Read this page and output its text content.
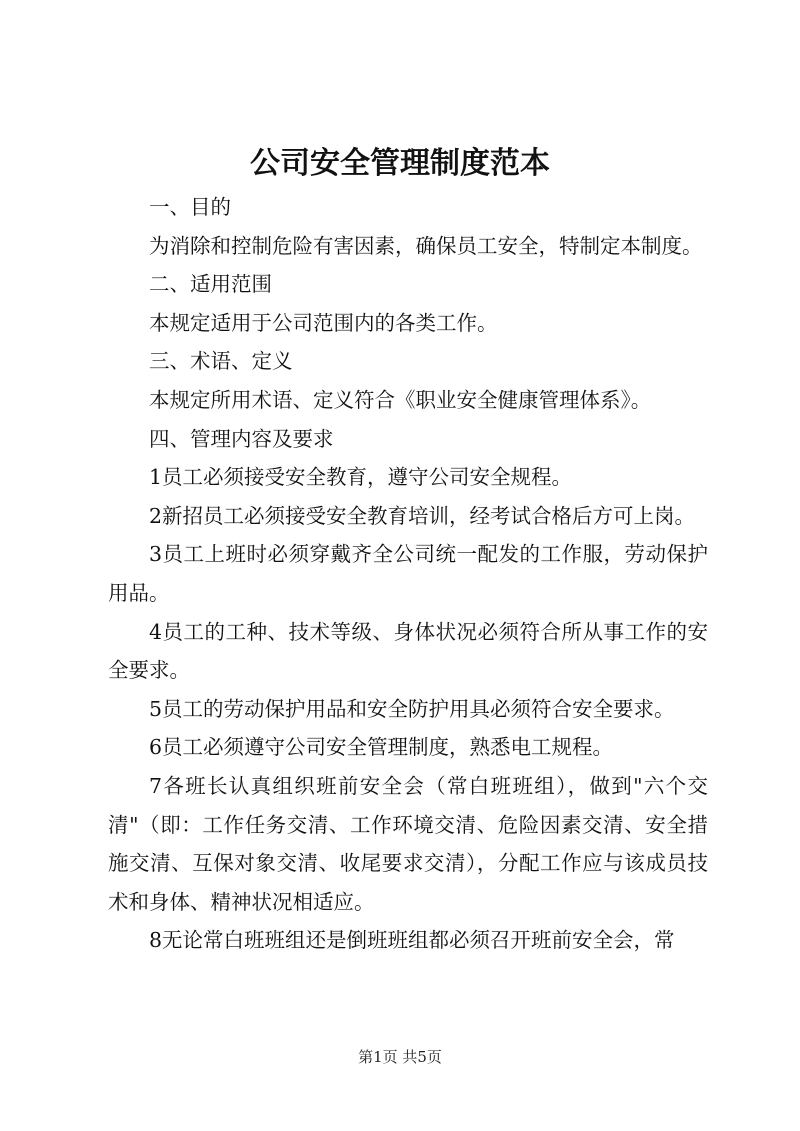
公司安全管理制度范本

一、目的

为消除和控制危险有害因素，确保员工安全，特制定本制度。

二、适用范围

本规定适用于公司范围内的各类工作。

三、术语、定义

本规定所用术语、定义符合《职业安全健康管理体系》。

四、管理内容及要求

1员工必须接受安全教育，遵守公司安全规程。

2新招员工必须接受安全教育培训，经考试合格后方可上岗。

3员工上班时必须穿戴齐全公司统一配发的工作服，劳动保护用品。

4员工的工种、技术等级、身体状况必须符合所从事工作的安全要求。

5员工的劳动保护用品和安全防护用具必须符合安全要求。

6员工必须遵守公司安全管理制度，熟悉电工规程。

7各班长认真组织班前安全会（常白班班组），做到"六个交清"（即：工作任务交清、工作环境交清、危险因素交清、安全措施交清、互保对象交清、收尾要求交清），分配工作应与该成员技术和身体、精神状况相适应。

8无论常白班班组还是倒班班组都必须召开班前安全会，常

第1页 共5页
